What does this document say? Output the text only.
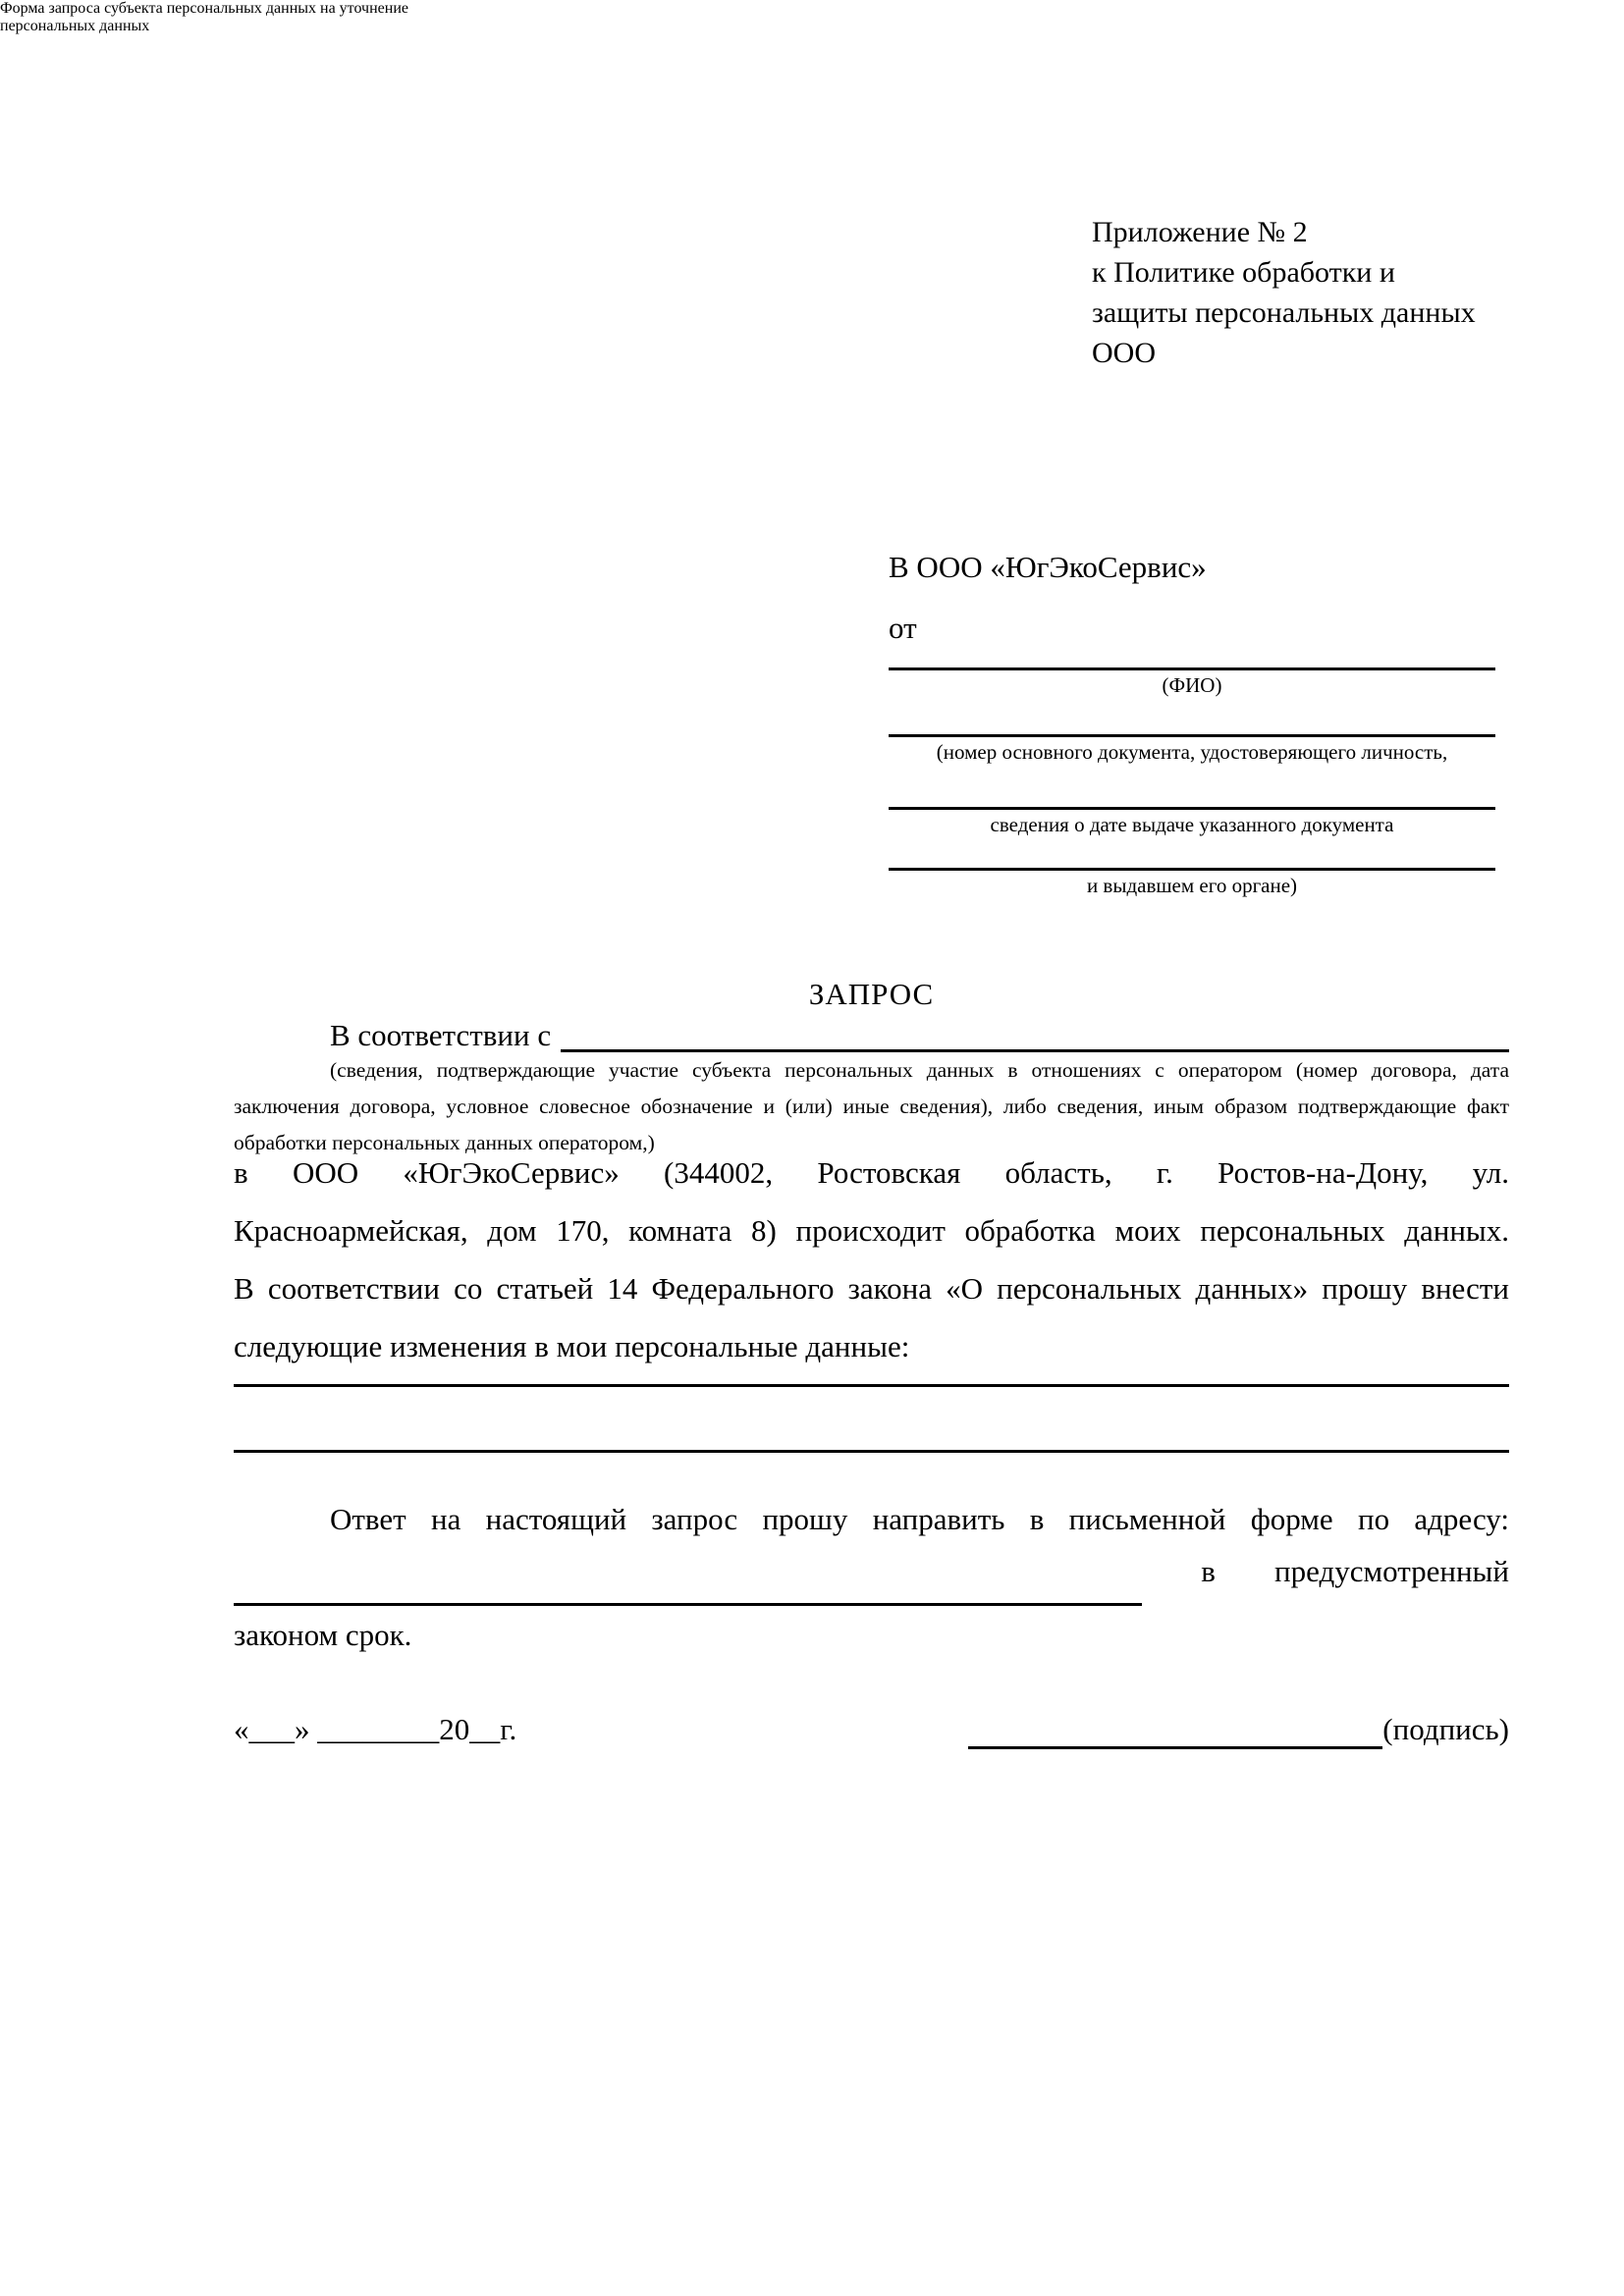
Приложение № 2
к Политике обработки и
защиты персональных данных
ООО
Форма запроса субъекта персональных данных на уточнение
персональных данных
В ООО «ЮгЭкоСервис»
от
(ФИО)
(номер основного документа, удостоверяющего личность,
сведения о дате выдаче указанного документа
и выдавшем его органе)
ЗАПРОС
В соответствии с
(сведения, подтверждающие участие субъекта персональных данных в отношениях с оператором (номер договора, дата
заключения договора, условное словесное обозначение и (или) иные сведения), либо сведения, иным образом подтверждающие факт
обработки персональных данных оператором,)
в ООО «ЮгЭкоСервис» (344002, Ростовская область, г. Ростов-на-Дону, ул.
Красноармейская, дом 170, комната 8) происходит обработка моих персональных данных.
В соответствии со статьей 14 Федерального закона «О персональных данных» прошу внести
следующие изменения в мои персональные данные:
Ответ на настоящий запрос прошу направить в письменной форме по адресу:
в предусмотренный
законом срок.
«___» ________20__г.	(подпись)
